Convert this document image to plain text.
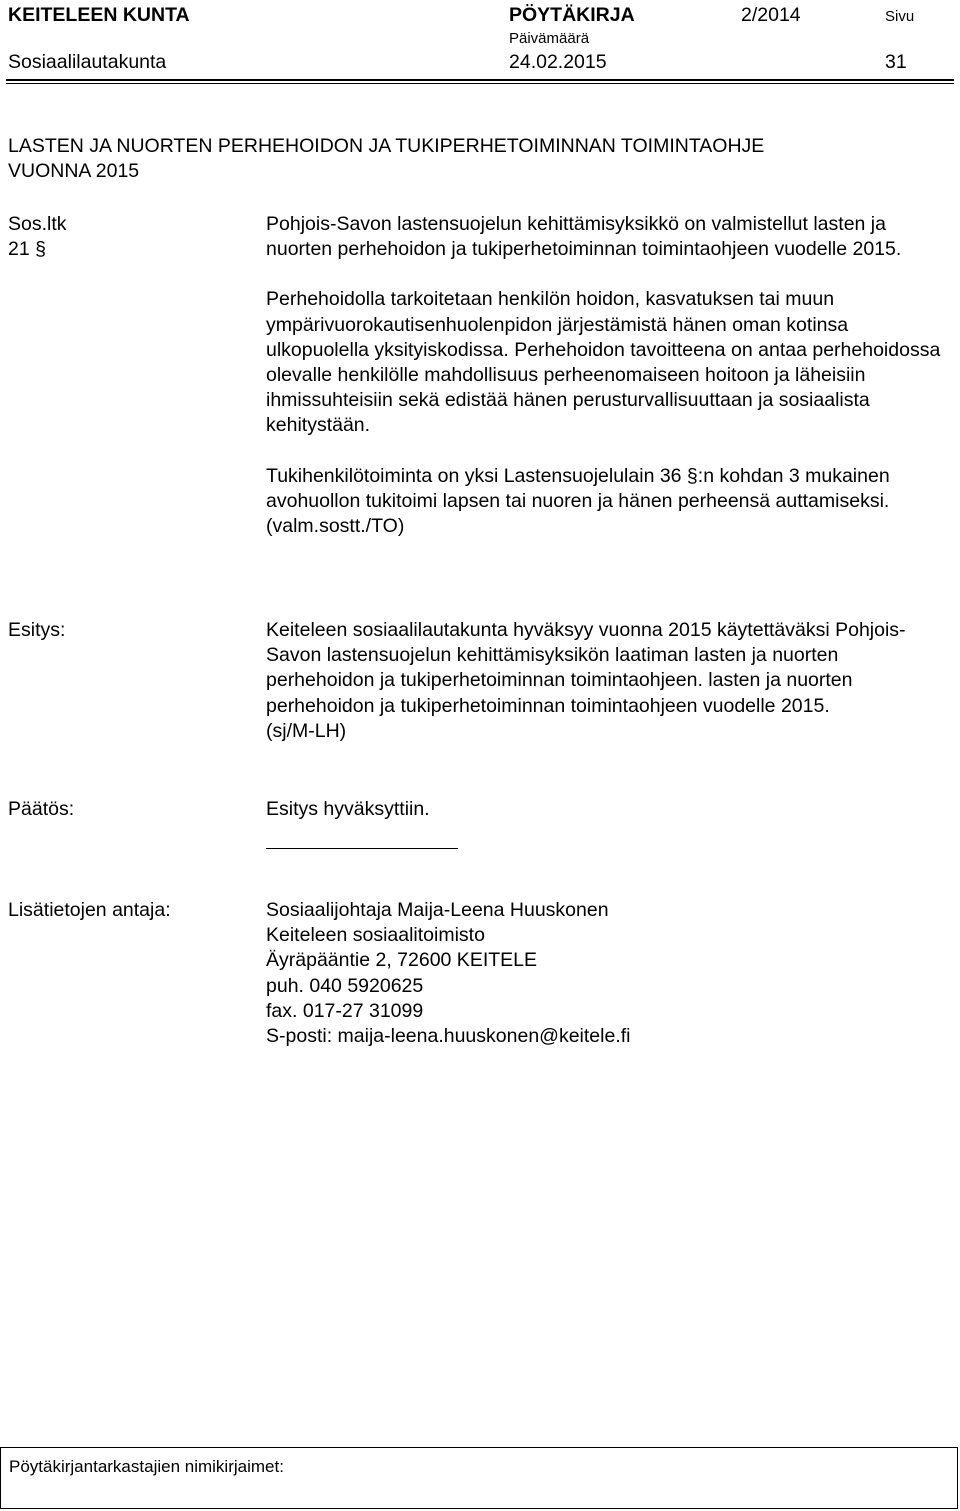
KEITELEEN KUNTA	PÖYTÄKIRJA	2/2014	Sivu
Päivämäärä
Sosiaalilautakunta	24.02.2015	31
LASTEN JA NUORTEN PERHEHOIDON JA TUKIPERHETOIMINNAN TOIMINTAOHJE
VUONNA 2015
Sos.ltk
21 §

Pohjois-Savon lastensuojelun kehittämisyksikkö on valmistellut lasten ja nuorten perhehoidon ja tukiperhetoiminnan toimintaohjeen vuodelle 2015.

Perhehoidolla tarkoitetaan henkilön hoidon, kasvatuksen tai muun ympärivuorokautisenhuolenpidon järjestämistä hänen oman kotinsa ulkopuolella yksityiskodissa. Perhehoidon tavoitteena on antaa perhehoidossa olevalle henkilölle mahdollisuus perheenomaiseen hoitoon ja läheisiin ihmissuhteisiin sekä edistää hänen perusturvallisuuttaan ja sosiaalista kehitystään.

Tukihenkilötoiminta on yksi Lastensuojelulain 36 §:n kohdan 3 mukainen avohuollon tukitoimi lapsen tai nuoren ja hänen perheensä auttamiseksi.

(valm.sostt./TO)

Esitys:	Keiteleen sosiaalilautakunta hyväksyy vuonna 2015 käytettäväksi Pohjois-Savon lastensuojelun kehittämisyksikön laatiman lasten ja nuorten perhehoidon ja tukiperhetoiminnan toimintaohjeen. lasten ja nuorten perhehoidon ja tukiperhetoiminnan toimintaohjeen vuodelle 2015.

(sj/M-LH)

Päätös:	Esitys hyväksyttiin.
Lisätietojen antaja:	Sosiaalijohtaja Maija-Leena Huuskonen

Keiteleen sosiaalitoimisto

Äyräpääntie 2, 72600 KEITELE

puh. 040 5920625

fax. 017-27 31099

S-posti: maija-leena.huuskonen@keitele.fi

Pöytäkirjantarkastajien nimikirjaimet:
